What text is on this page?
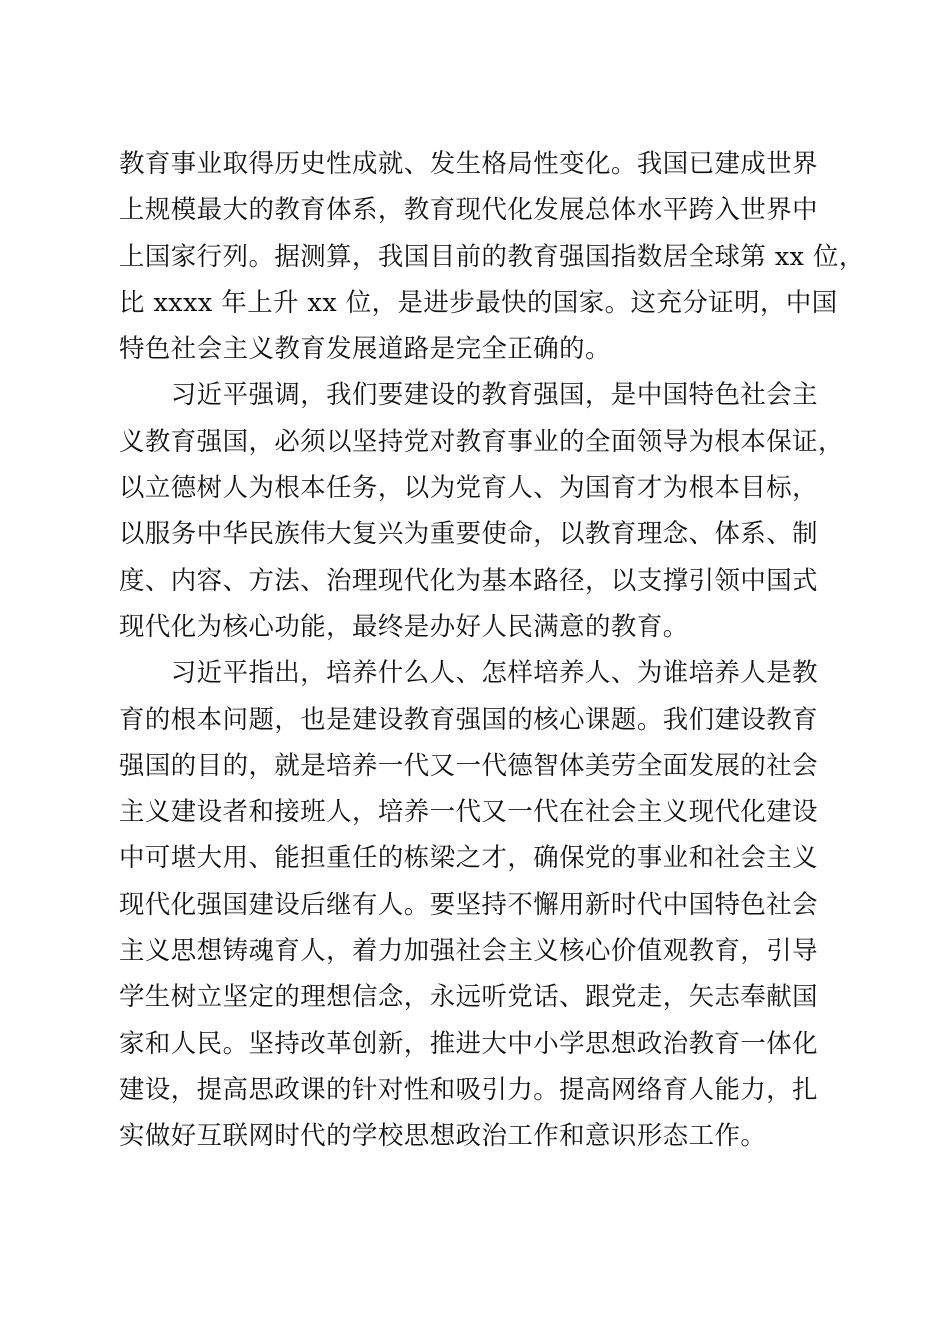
教育事业取得历史性成就、发生格局性变化。我国已建成世界
上规模最大的教育体系，教育现代化发展总体水平跨入世界中
上国家行列。据测算，我国目前的教育强国指数居全球第 xx 位，
比 xxxx 年上升 xx 位，是进步最快的国家。这充分证明，中国
特色社会主义教育发展道路是完全正确的。
　　习近平强调，我们要建设的教育强国，是中国特色社会主
义教育强国，必须以坚持党对教育事业的全面领导为根本保证，
以立德树人为根本任务，以为党育人、为国育才为根本目标，
以服务中华民族伟大复兴为重要使命，以教育理念、体系、制
度、内容、方法、治理现代化为基本路径，以支撑引领中国式
现代化为核心功能，最终是办好人民满意的教育。
　　习近平指出，培养什么人、怎样培养人、为谁培养人是教
育的根本问题，也是建设教育强国的核心课题。我们建设教育
强国的目的，就是培养一代又一代德智体美劳全面发展的社会
主义建设者和接班人，培养一代又一代在社会主义现代化建设
中可堪大用、能担重任的栋梁之才，确保党的事业和社会主义
现代化强国建设后继有人。要坚持不懈用新时代中国特色社会
主义思想铸魂育人，着力加强社会主义核心价值观教育，引导
学生树立坚定的理想信念，永远听党话、跟党走，矢志奉献国
家和人民。坚持改革创新，推进大中小学思想政治教育一体化
建设，提高思政课的针对性和吸引力。提高网络育人能力，扎
实做好互联网时代的学校思想政治工作和意识形态工作。
